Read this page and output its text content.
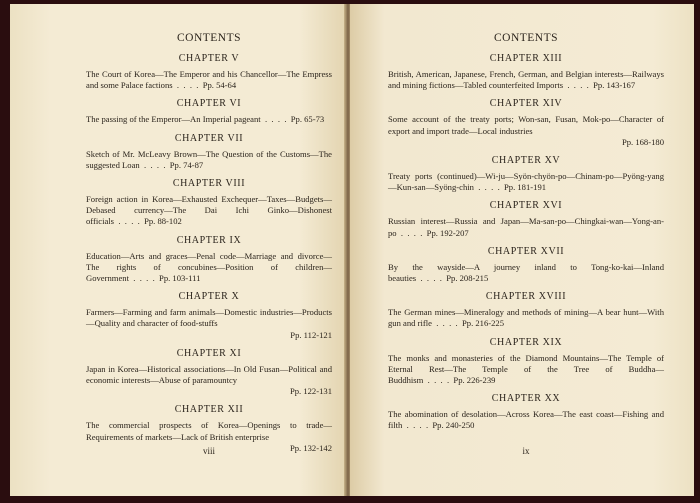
CONTENTS
CHAPTER V
The Court of Korea—The Emperor and his Chancellor—The Empress and some Palace factions  .  .  .  .  Pp. 54-64
CHAPTER VI
The passing of the Emperor—An Imperial pageant  .  .  .  .  Pp. 65-73
CHAPTER VII
Sketch of Mr. McLeavy Brown—The Question of the Customs—The suggested Loan  .  .  .  .  Pp. 74-87
CHAPTER VIII
Foreign action in Korea—Exhausted Exchequer—Taxes—Budgets—Debased currency—The Dai Ichi Ginko—Dishonest officials  .  .  .  .  Pp. 88-102
CHAPTER IX
Education—Arts and graces—Penal code—Marriage and divorce—The rights of concubines—Position of children—Government  .  .  .  .  Pp. 103-111
CHAPTER X
Farmers—Farming and farm animals—Domestic industries—Products—Quality and character of food-stuffs
Pp. 112-121
CHAPTER XI
Japan in Korea—Historical associations—In Old Fusan—Political and economic interests—Abuse of paramountcy
Pp. 122-131
CHAPTER XII
The commercial prospects of Korea—Openings to trade—Requirements of markets—Lack of British enterprise
Pp. 132-142
viii
CONTENTS
CHAPTER XIII
British, American, Japanese, French, German, and Belgian interests—Railways and mining fictions—Tabled counterfeited Imports  .  .  .  .  Pp. 143-167
CHAPTER XIV
Some account of the treaty ports; Won-san, Fusan, Mok-po—Character of export and import trade—Local industries
Pp. 168-180
CHAPTER XV
Treaty ports (continued)—Wi-ju—Syön-chyön-po—Chinam-po—Pyöng-yang—Kun-san—Syöng-chin  .  .  .  .  Pp. 181-191
CHAPTER XVI
Russian interest—Russia and Japan—Ma-san-po—Chingkai-wan—Yong-an-po  .  .  .  .  Pp. 192-207
CHAPTER XVII
By the wayside—A journey inland to Tong-ko-kai—Inland beauties  .  .  .  .  Pp. 208-215
CHAPTER XVIII
The German mines—Mineralogy and methods of mining—A bear hunt—With gun and rifle  .  .  .  .  Pp. 216-225
CHAPTER XIX
The monks and monasteries of the Diamond Mountains—The Temple of Eternal Rest—The Temple of the Tree of Buddha—Buddhism  .  .  .  .  Pp. 226-239
CHAPTER XX
The abomination of desolation—Across Korea—The east coast—Fishing and filth  .  .  .  .  Pp. 240-250
ix
